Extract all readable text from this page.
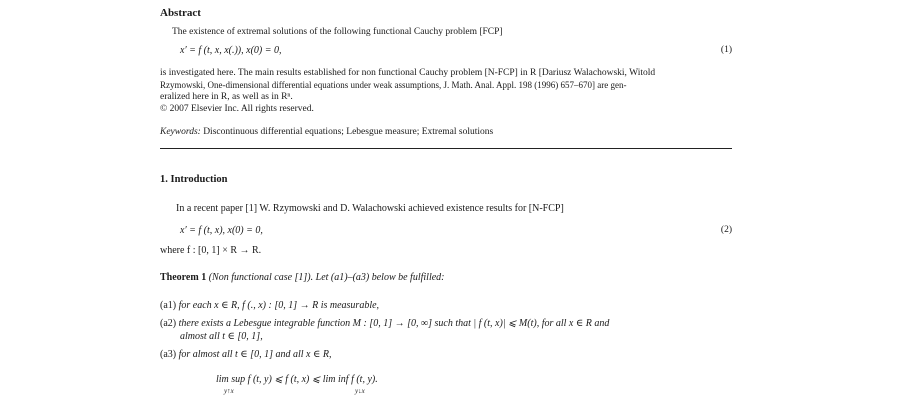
Abstract
The existence of extremal solutions of the following functional Cauchy problem [FCP]
x′ = f (t, x, x(.)), x(0) = 0,	(1)
is investigated here. The main results established for non functional Cauchy problem [N-FCP] in R [Dariusz Walachowski, Witold
Rzymowski, One-dimensional differential equations under weak assumptions, J. Math. Anal. Appl. 198 (1996) 657–670] are gen-
eralized here in R, as well as in Rⁿ.
© 2007 Elsevier Inc. All rights reserved.
Keywords: Discontinuous differential equations; Lebesgue measure; Extremal solutions
1. Introduction
In a recent paper [1] W. Rzymowski and D. Walachowski achieved existence results for [N-FCP]
x′ = f (t, x), x(0) = 0,	(2)
where f : [0, 1] × R → R.
Theorem 1 (Non functional case [1]). Let (a1)–(a3) below be fulfilled:
(a1) for each x ∈ R, f (., x) : [0, 1] → R is measurable,
(a2) there exists a Lebesgue integrable function M : [0, 1] → [0, ∞] such that | f (t, x)| ⩽ M(t), for all x ∈ R and
almost all t ∈ [0, 1],
(a3) for almost all t ∈ [0, 1] and all x ∈ R,
lim sup f (t, y) ⩽ f (t, x) ⩽ lim inf f (t, y).
y↑x	y↓x
